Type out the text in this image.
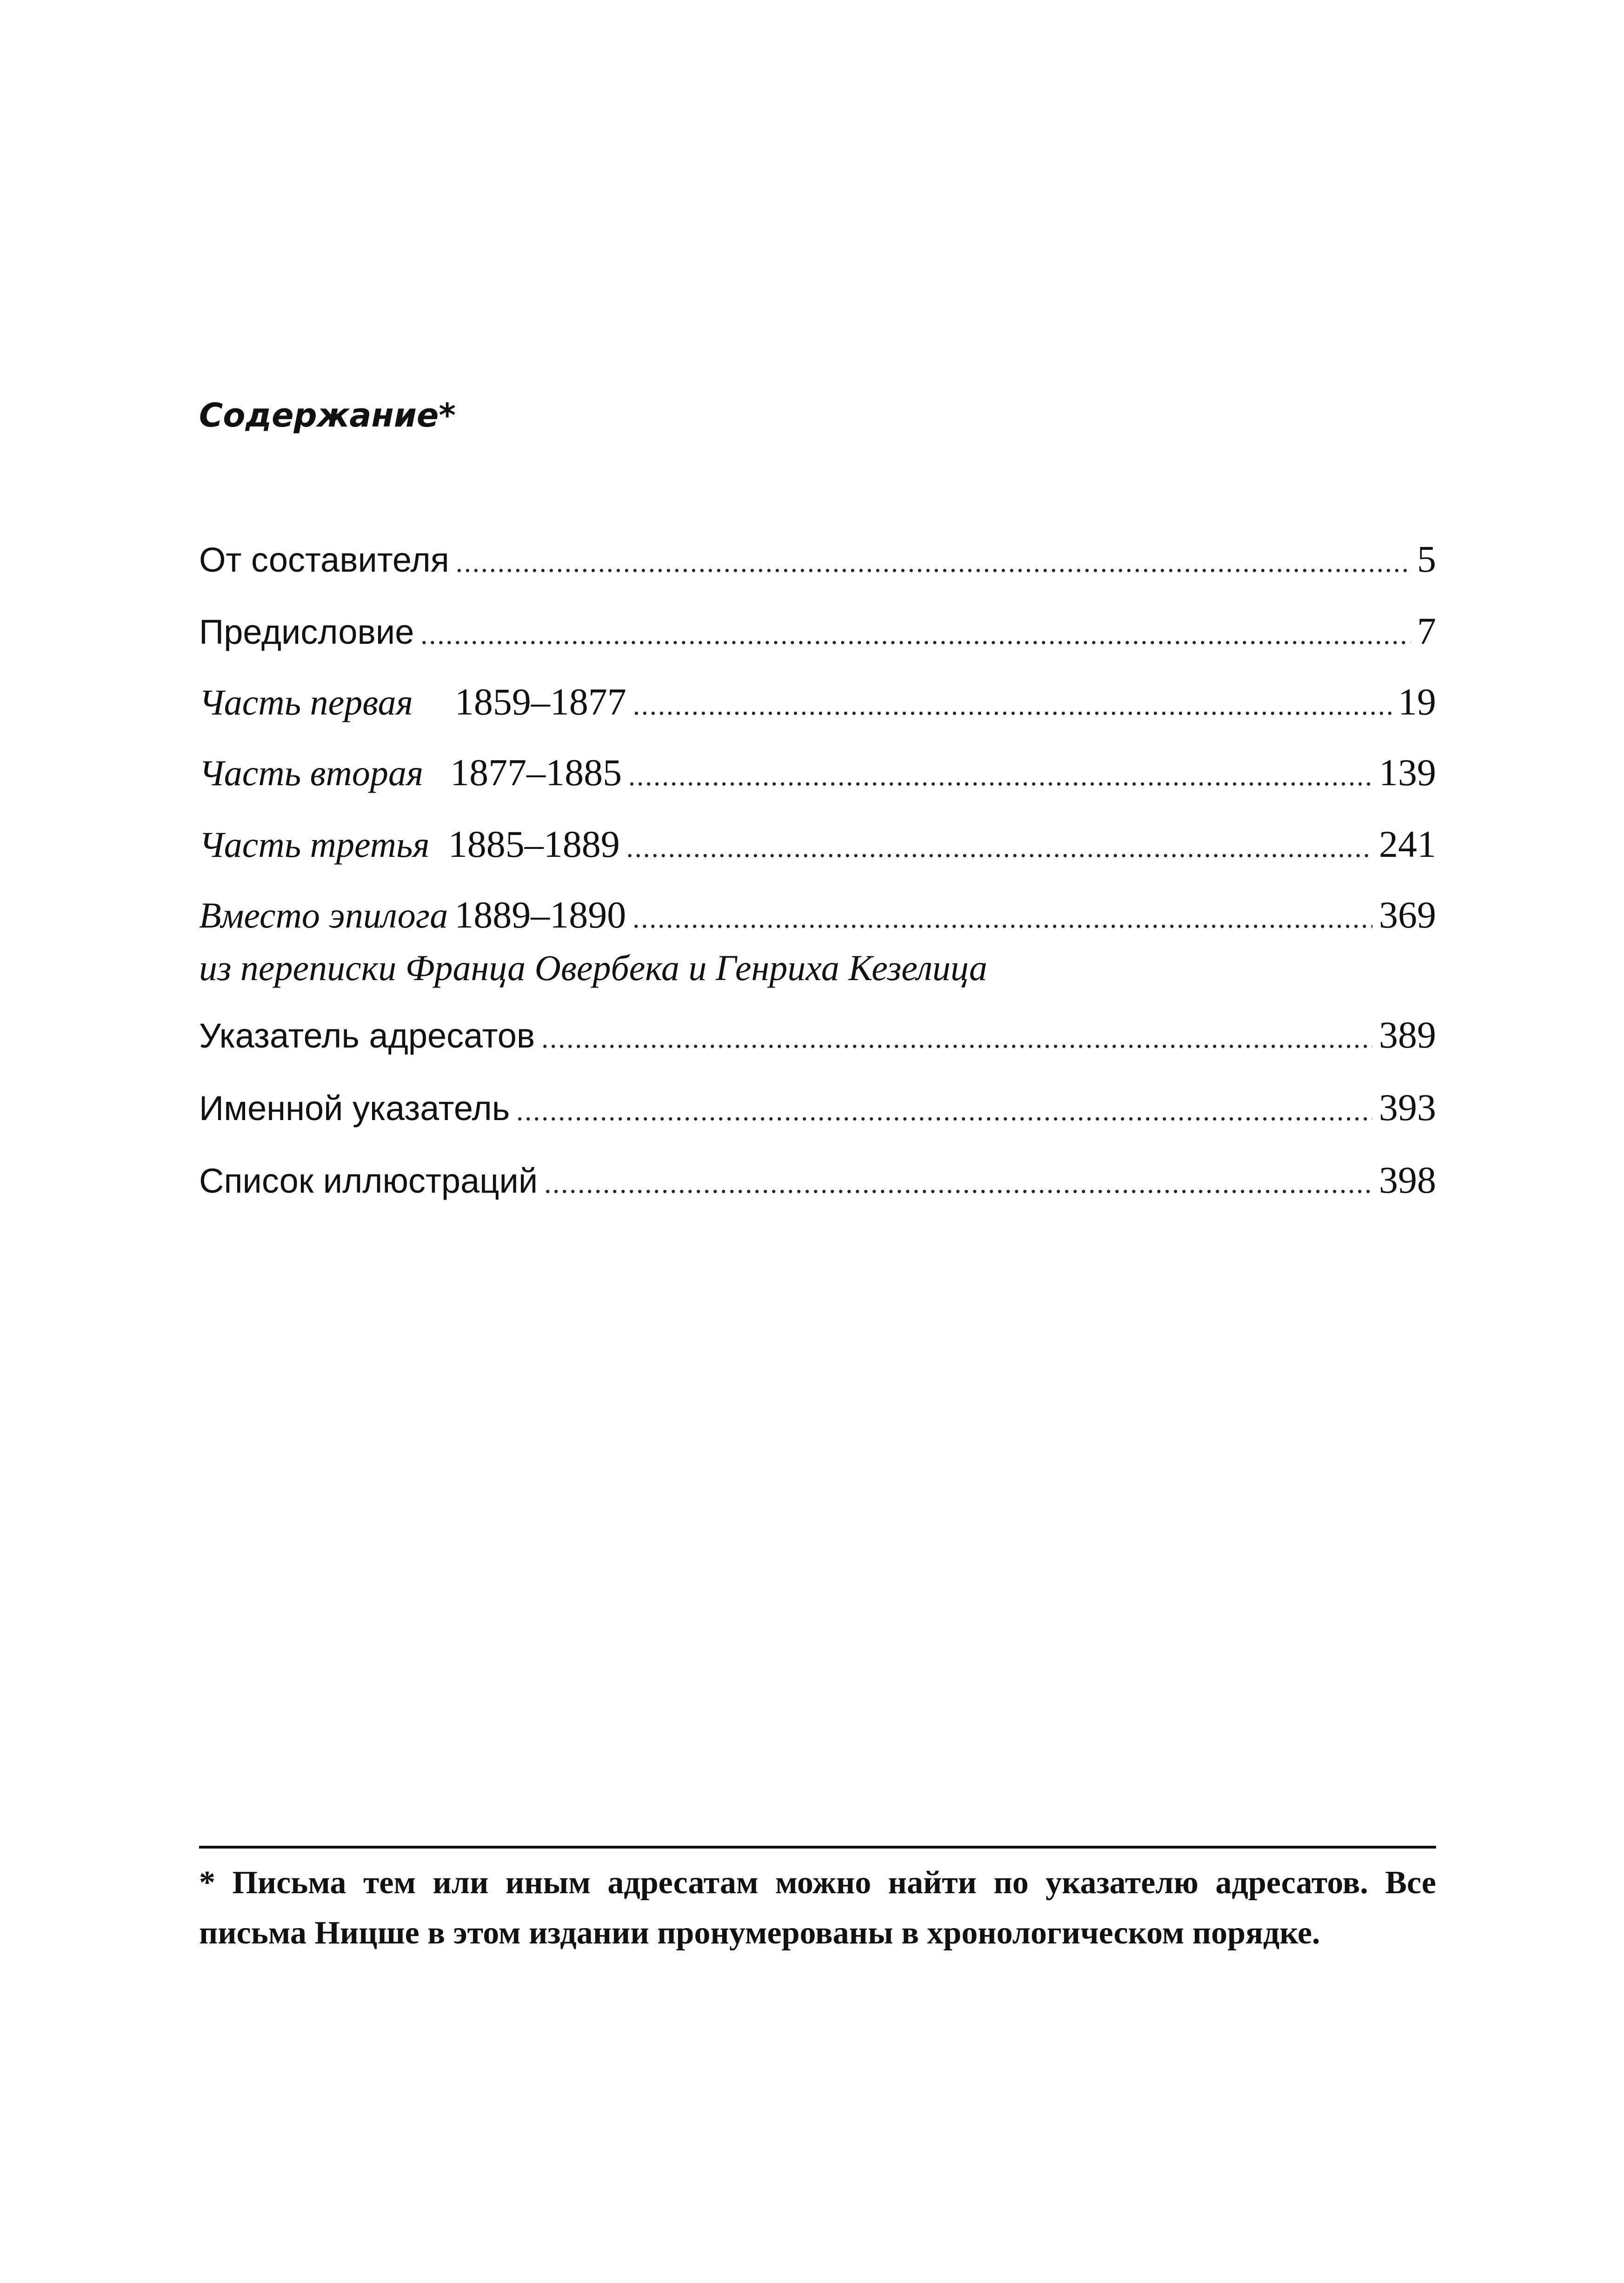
Содержание*
От составителя .....	5
Предисловие .....	7
Часть первая 1859–1877 .....	19
Часть вторая 1877–1885 .....	139
Часть третья 1885–1889 .....	241
Вместо эпилога 1889–1890 .....	369
из переписки Франца Овербека и Генриха Кезелица
Указатель адресатов .....	389
Именной указатель .....	393
Список иллюстраций .....	398
* Письма тем или иным адресатам можно найти по указателю адресатов. Все письма Ницше в этом издании пронумерованы в хронологическом порядке.
